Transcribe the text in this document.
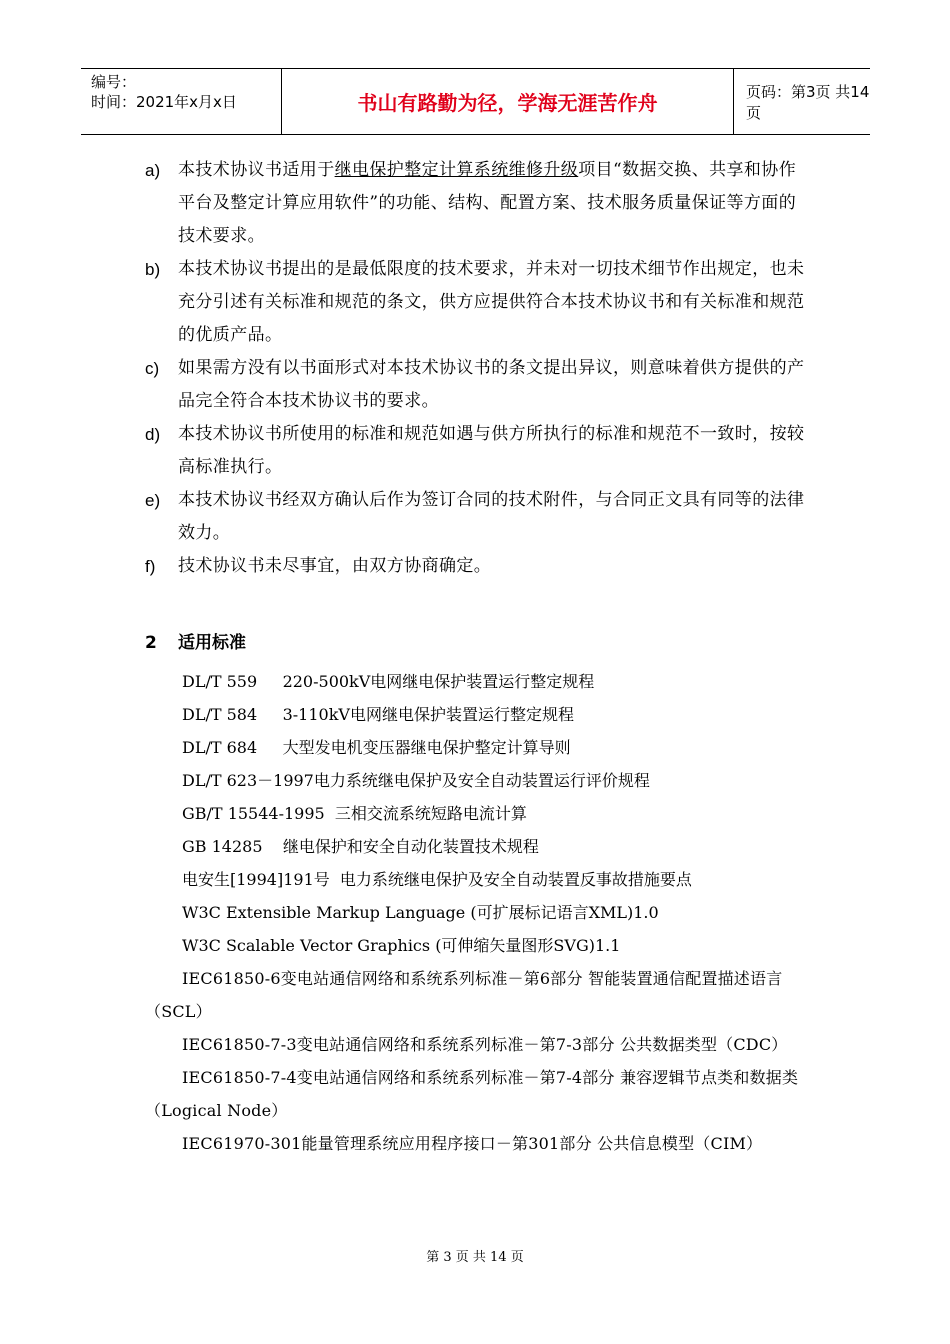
编号：
时间：2021年x月x日	书山有路勤为径，学海无涯苦作舟	页码：第3页 共14页
a)	本技术协议书适用于继电保护整定计算系统维修升级项目“数据交换、共享和协作平台及整定计算应用软件”的功能、结构、配置方案、技术服务质量保证等方面的技术要求。
b)	本技术协议书提出的是最低限度的技术要求，并未对一切技术细节作出规定，也未充分引述有关标准和规范的条文，供方应提供符合本技术协议书和有关标准和规范的优质产品。
c)	如果需方没有以书面形式对本技术协议书的条文提出异议，则意味着供方提供的产品完全符合本技术协议书的要求。
d)	本技术协议书所使用的标准和规范如遇与供方所执行的标准和规范不一致时，按较高标准执行。
e)	本技术协议书经双方确认后作为签订合同的技术附件，与合同正文具有同等的法律效力。
f)	技术协议书未尽事宜，由双方协商确定。
2 适用标准
DL/T 559     220-500kV电网继电保护装置运行整定规程
DL/T 584     3-110kV电网继电保护装置运行整定规程
DL/T 684     大型发电机变压器继电保护整定计算导则
DL/T 623－1997电力系统继电保护及安全自动装置运行评价规程
GB/T 15544-1995  三相交流系统短路电流计算
GB 14285    继电保护和安全自动化装置技术规程
电安生[1994]191号  电力系统继电保护及安全自动装置反事故措施要点
W3C Extensible Markup Language (可扩展标记语言XML)1.0
W3C Scalable Vector Graphics (可伸缩矢量图形SVG)1.1
IEC61850-6变电站通信网络和系统系列标准－第6部分 智能装置通信配置描述语言（SCL）
IEC61850-7-3变电站通信网络和系统系列标准－第7-3部分 公共数据类型（CDC）
IEC61850-7-4变电站通信网络和系统系列标准－第7-4部分 兼容逻辑节点类和数据类（Logical Node）
IEC61970-301能量管理系统应用程序接口－第301部分 公共信息模型（CIM）
第 3 页 共 14 页
